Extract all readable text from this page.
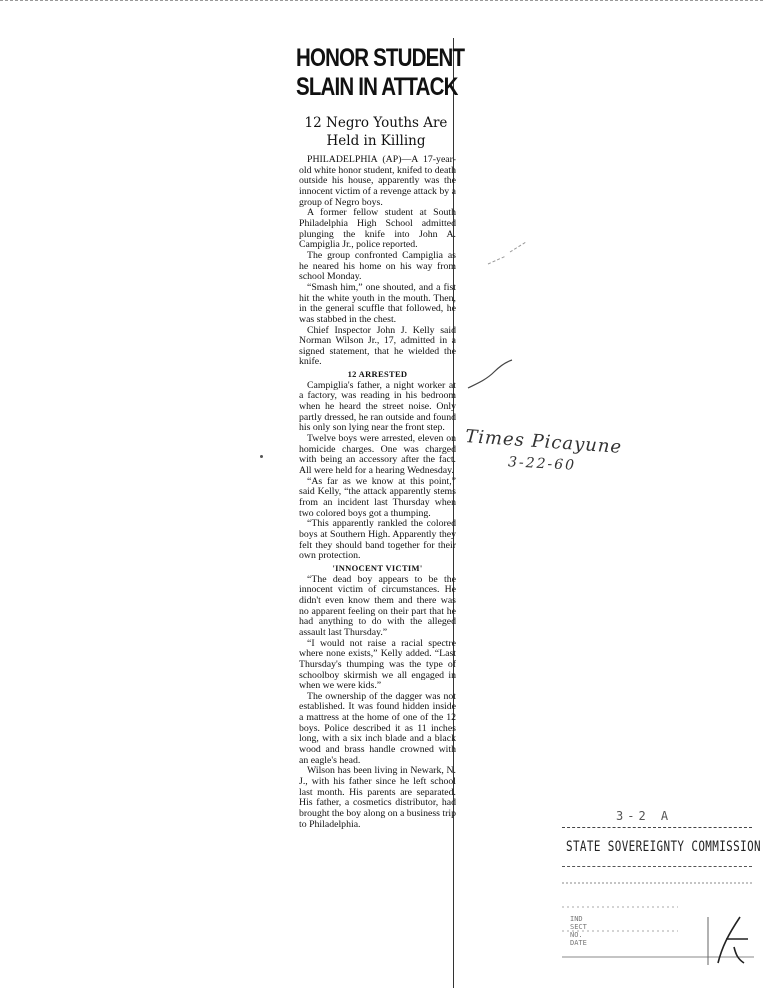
HONOR STUDENT
SLAIN IN ATTACK
12 Negro Youths Are
Held in Killing

PHILADELPHIA (AP)—A 17-year-old white honor student, knifed to death outside his house, apparently was the innocent victim of a revenge attack by a group of Negro boys.

A former fellow student at South Philadelphia High School admitted plunging the knife into John A. Campiglia Jr., police reported.

The group confronted Campiglia as he neared his home on his way from school Monday.

“Smash him,” one shouted, and a fist hit the white youth in the mouth. Then, in the general scuffle that followed, he was stabbed in the chest.

Chief Inspector John J. Kelly said Norman Wilson Jr., 17, admitted in a signed statement, that he wielded the knife.

12 ARRESTED

Campiglia's father, a night worker at a factory, was reading in his bedroom when he heard the street noise. Only partly dressed, he ran outside and found his only son lying near the front step.

Twelve boys were arrested, eleven on homicide charges. One was charged with being an accessory after the fact. All were held for a hearing Wednesday.

“As far as we know at this point,” said Kelly, “the attack apparently stems from an incident last Thursday when two colored boys got a thumping.

“This apparently rankled the colored boys at Southern High. Apparently they felt they should band together for their own protection.

'INNOCENT VICTIM'

“The dead boy appears to be the innocent victim of circumstances. He didn't even know them and there was no apparent feeling on their part that he had anything to do with the alleged assault last Thursday.”

“I would not raise a racial spectre where none exists,” Kelly added. “Last Thursday's thumping was the type of schoolboy skirmish we all engaged in when we were kids.”

The ownership of the dagger was not established. It was found hidden inside a mattress at the home of one of the 12 boys. Police described it as 11 inches long, with a six inch blade and a black wood and brass handle crowned with an eagle's head.

Wilson has been living in Newark, N. J., with his father since he left school last month. His parents are separated. His father, a cosmetics distributor, had brought the boy along on a business trip to Philadelphia.

Times Picayune
3-22-60
3-2 A
STATE SOVEREIGNTY COMMISSION
IND
SECT
NO.
DATE
